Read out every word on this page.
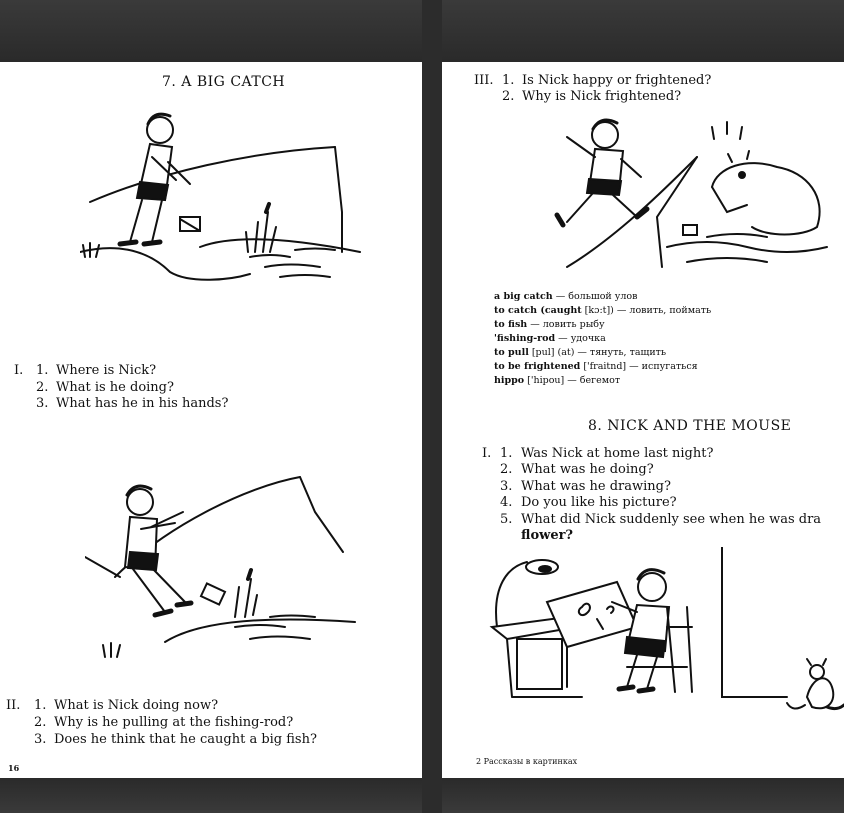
7. A BIG CATCH
I. 1. Where is Nick?
2. What is he doing?
3. What has he in his hands?
II. 1. What is Nick doing now?
2. Why is he pulling at the fishing-rod?
3. Does he think that he caught a big fish?
16
III. 1. Is Nick happy or frightened?
2. Why is Nick frightened?
a big catch — большой улов
to catch (caught [kɔ:t]) — ловить, поймать
to fish — ловить рыбу
'fishing-rod — удочка
to pull [pul] (at) — тянуть, тащить
to be frightened ['fraitnd] — испугаться
hippo ['hipou] — бегемот
8. NICK AND THE MOUSE
I. 1. Was Nick at home last night?
2. What was he doing?
3. What was he drawing?
4. Do you like his picture?
5. What did Nick suddenly see when he was dra
flower?
2 Рассказы в картинках
